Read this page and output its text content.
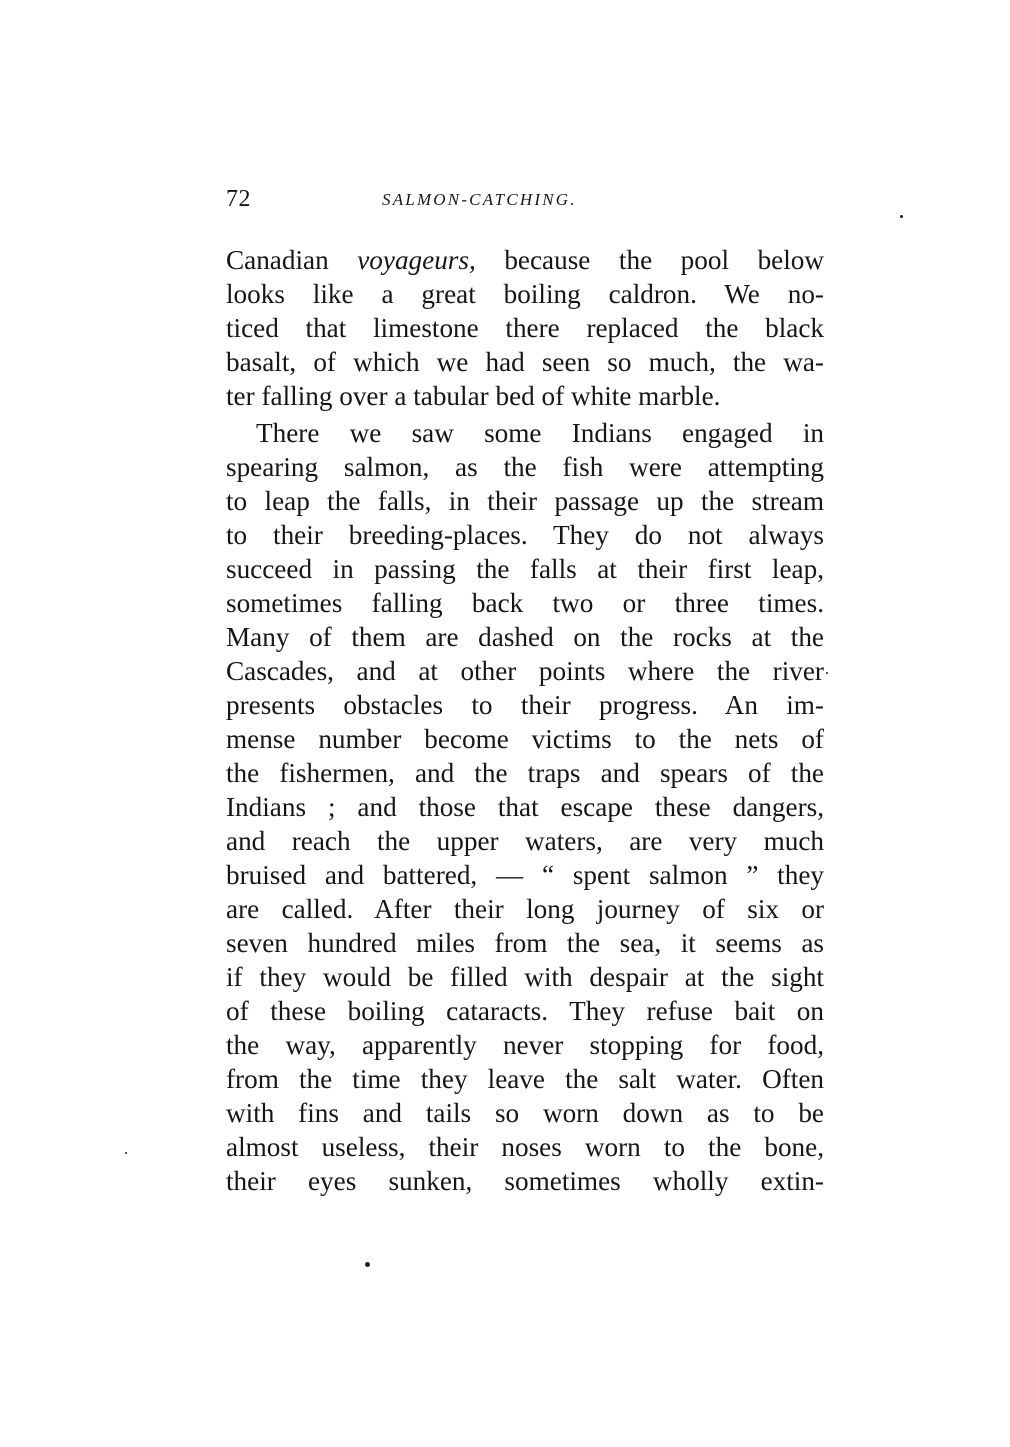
72	SALMON-CATCHING.
Canadian voyageurs, because the pool below
looks like a great boiling caldron. We no-
ticed that limestone there replaced the black
basalt, of which we had seen so much, the wa-
ter falling over a tabular bed of white marble.
There we saw some Indians engaged in
spearing salmon, as the fish were attempting
to leap the falls, in their passage up the stream
to their breeding-places. They do not always
succeed in passing the falls at their first leap,
sometimes falling back two or three times.
Many of them are dashed on the rocks at the
Cascades, and at other points where the river
presents obstacles to their progress. An im-
mense number become victims to the nets of
the fishermen, and the traps and spears of the
Indians ; and those that escape these dangers,
and reach the upper waters, are very much
bruised and battered, — “ spent salmon ” they
are called. After their long journey of six or
seven hundred miles from the sea, it seems as
if they would be filled with despair at the sight
of these boiling cataracts. They refuse bait on
the way, apparently never stopping for food,
from the time they leave the salt water. Often
with fins and tails so worn down as to be
almost useless, their noses worn to the bone,
their eyes sunken, sometimes wholly extin-
